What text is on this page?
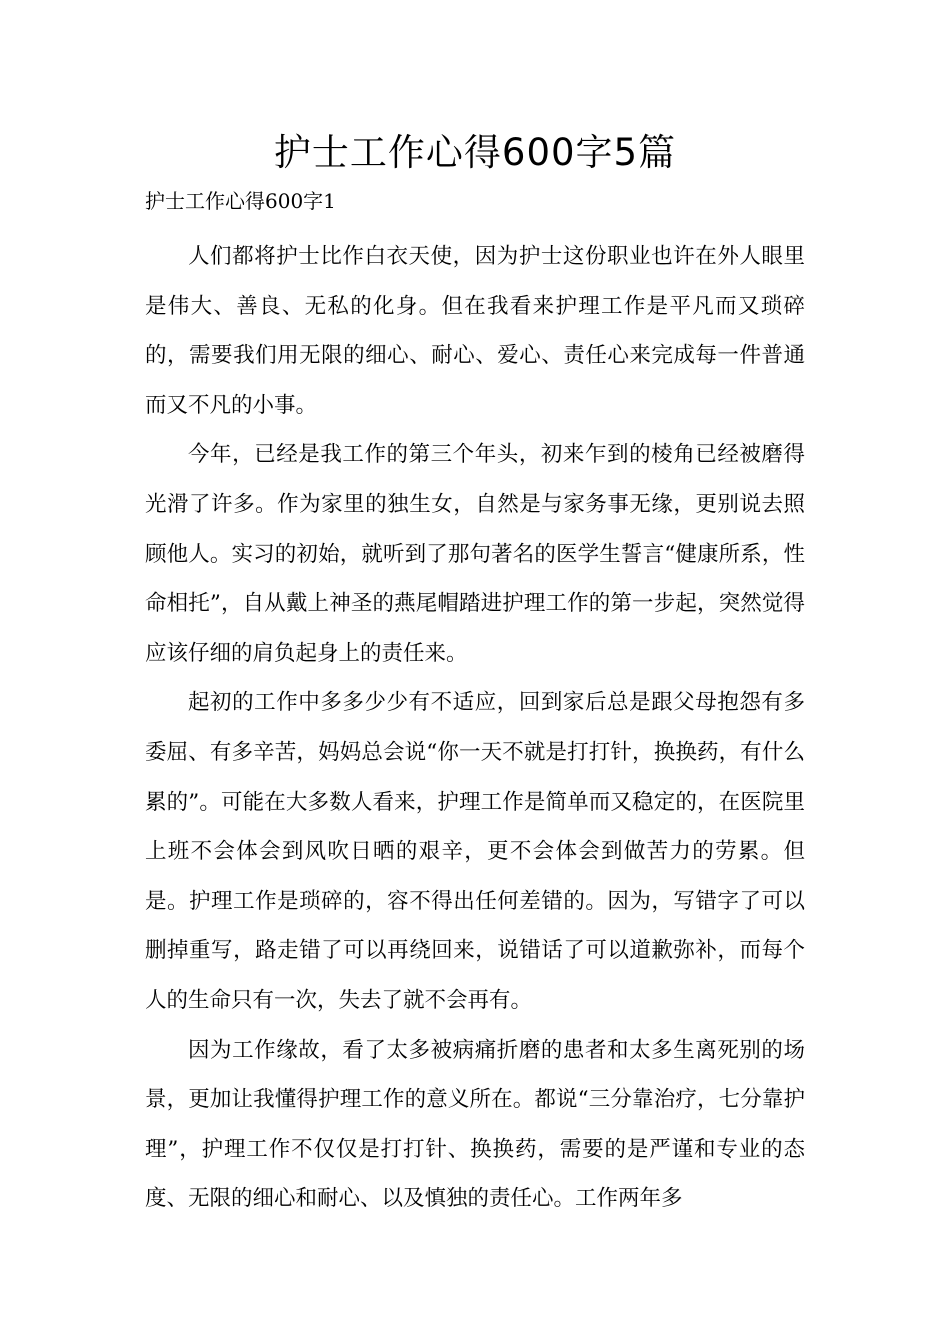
护士工作心得600字5篇
护士工作心得600字1

人们都将护士比作白衣天使，因为护士这份职业也许在外人眼里是伟大、善良、无私的化身。但在我看来护理工作是平凡而又琐碎的，需要我们用无限的细心、耐心、爱心、责任心来完成每一件普通而又不凡的小事。

今年，已经是我工作的第三个年头，初来乍到的棱角已经被磨得光滑了许多。作为家里的独生女，自然是与家务事无缘，更别说去照顾他人。实习的初始，就听到了那句著名的医学生誓言“健康所系，性命相托”，自从戴上神圣的燕尾帽踏进护理工作的第一步起，突然觉得应该仔细的肩负起身上的责任来。

起初的工作中多多少少有不适应，回到家后总是跟父母抱怨有多委屈、有多辛苦，妈妈总会说“你一天不就是打打针，换换药，有什么累的”。可能在大多数人看来，护理工作是简单而又稳定的，在医院里上班不会体会到风吹日晒的艰辛，更不会体会到做苦力的劳累。但是。护理工作是琐碎的，容不得出任何差错的。因为，写错字了可以删掉重写，路走错了可以再绕回来，说错话了可以道歉弥补，而每个人的生命只有一次，失去了就不会再有。

因为工作缘故，看了太多被病痛折磨的患者和太多生离死别的场景，更加让我懂得护理工作的意义所在。都说“三分靠治疗，七分靠护理”，护理工作不仅仅是打打针、换换药，需要的是严谨和专业的态度、无限的细心和耐心、以及慎独的责任心。工作两年多
